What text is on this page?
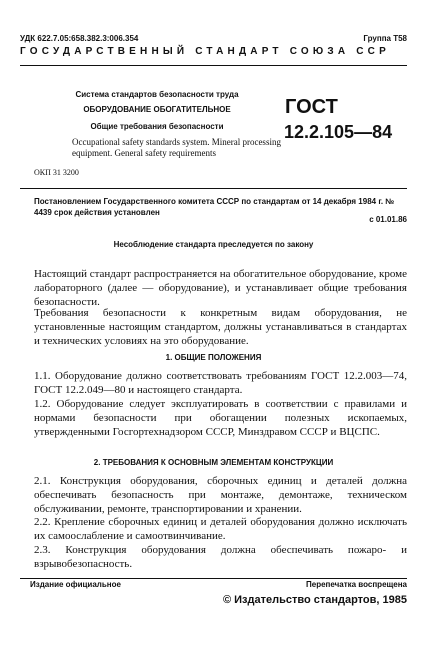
УДК 622.7.05:658.382.3:006.354	Группа Т58
ГОСУДАРСТВЕННЫЙ СТАНДАРТ СОЮЗА ССР
Система стандартов безопасности труда
ОБОРУДОВАНИЕ ОБОГАТИТЕЛЬНОЕ
Общие требования безопасности
Occupational safety standards system. Mineral processing equipment. General safety requirements
ГОСТ
12.2.105—84
ОКП 31 3200
Постановлением Государственного комитета СССР по стандартам от 14 декабря 1984 г. № 4439 срок действия установлен
с 01.01.86
Несоблюдение стандарта преследуется по закону
Настоящий стандарт распространяется на обогатительное оборудование, кроме лабораторного (далее — оборудование), и устанавливает общие требования безопасности.
Требования безопасности к конкретным видам оборудования, не установленные настоящим стандартом, должны устанавливаться в стандартах и технических условиях на это оборудование.
1. ОБЩИЕ ПОЛОЖЕНИЯ
1.1. Оборудование должно соответствовать требованиям ГОСТ 12.2.003—74, ГОСТ 12.2.049—80 и настоящего стандарта.
1.2. Оборудование следует эксплуатировать в соответствии с правилами и нормами безопасности при обогащении полезных ископаемых, утвержденными Госгортехнадзором СССР, Минздравом СССР и ВЦСПС.
2. ТРЕБОВАНИЯ К ОСНОВНЫМ ЭЛЕМЕНТАМ КОНСТРУКЦИИ
2.1. Конструкция оборудования, сборочных единиц и деталей должна обеспечивать безопасность при монтаже, демонтаже, техническом обслуживании, ремонте, транспортировании и хранении.
2.2. Крепление сборочных единиц и деталей оборудования должно исключать их самоослабление и самоотвинчивание.
2.3. Конструкция оборудования должна обеспечивать пожаро- и взрывобезопасность.
Издание официальное	Перепечатка воспрещена
© Издательство стандартов, 1985
